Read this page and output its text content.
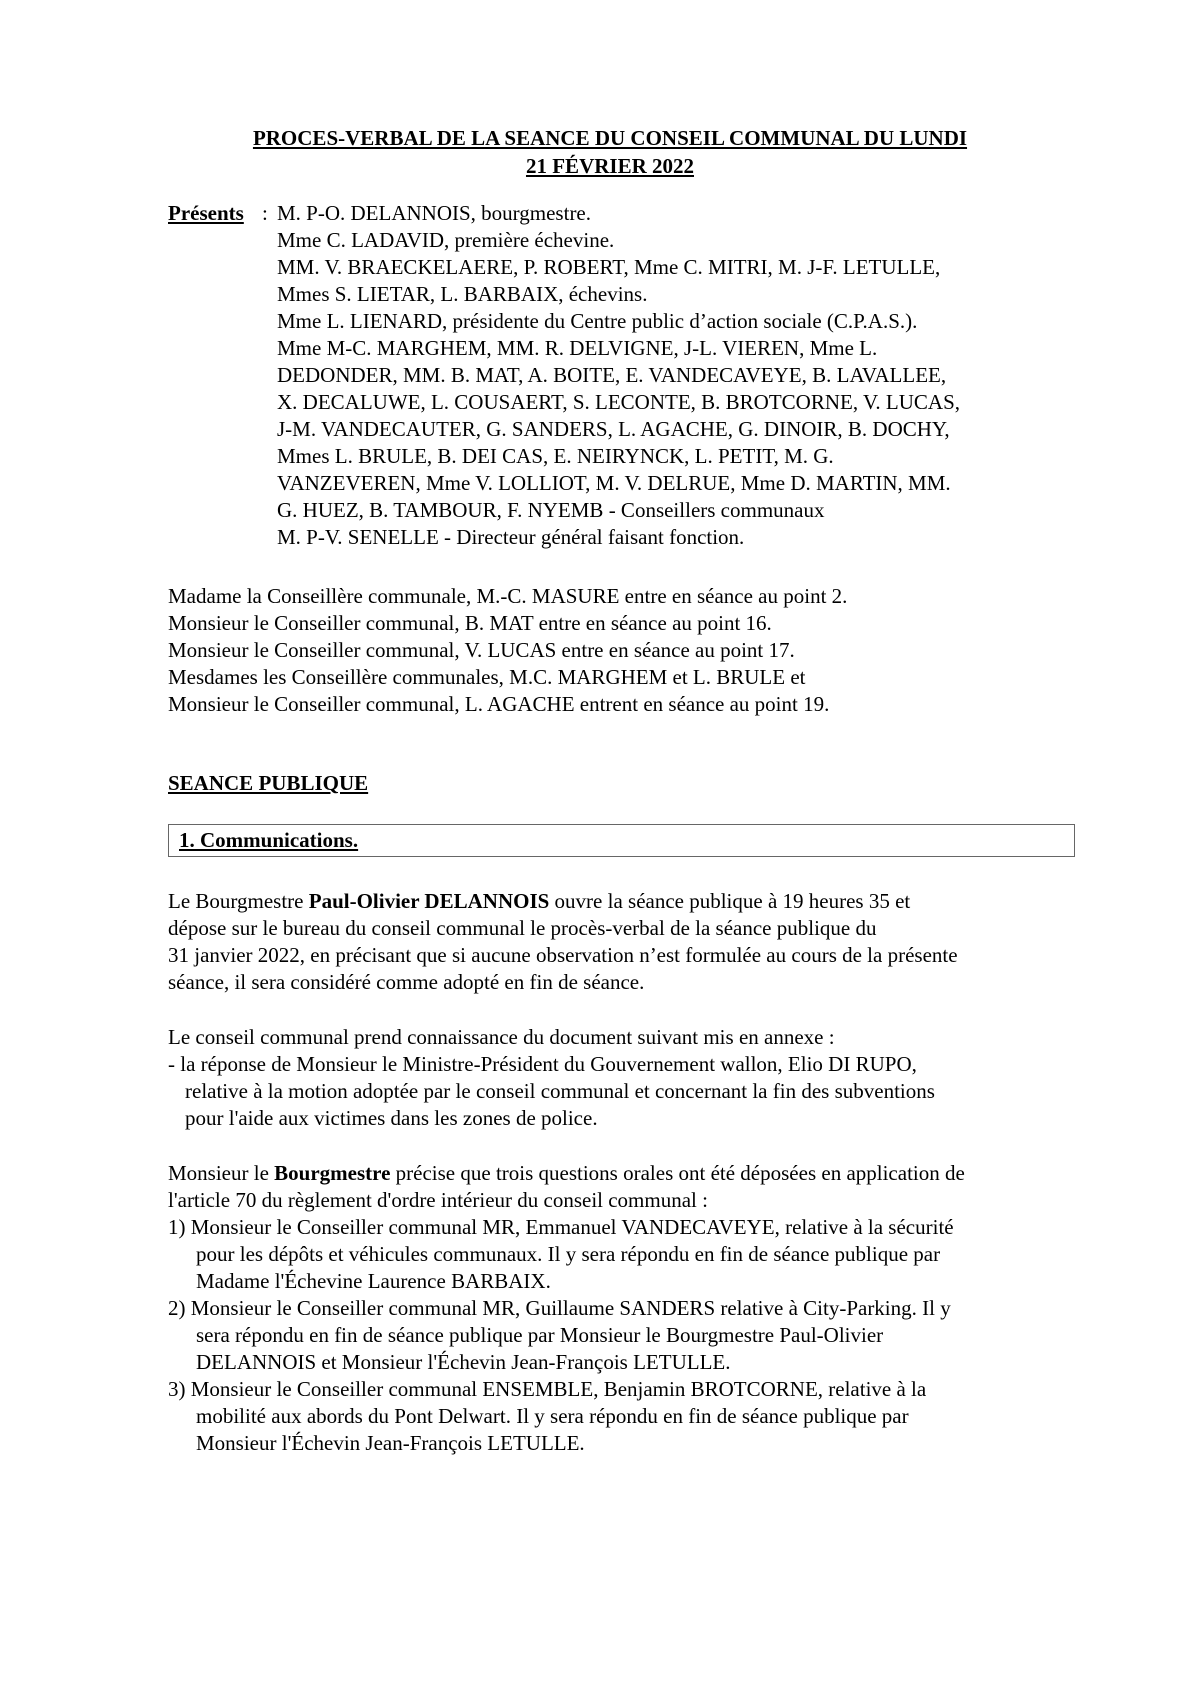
PROCES-VERBAL DE LA SEANCE DU CONSEIL COMMUNAL DU LUNDI
21 FÉVRIER 2022
Présents : M. P-O. DELANNOIS, bourgmestre.
Mme C. LADAVID, première échevine.
MM. V. BRAECKELAERE, P. ROBERT, Mme C. MITRI, M. J-F. LETULLE,
Mmes S. LIETAR, L. BARBAIX, échevins.
Mme L. LIENARD, présidente du Centre public d’action sociale (C.P.A.S.).
Mme M-C. MARGHEM, MM. R. DELVIGNE, J-L. VIEREN, Mme L.
DEDONDER, MM. B. MAT, A. BOITE, E. VANDECAVEYE, B. LAVALLEE,
X. DECALUWE, L. COUSAERT, S. LECONTE, B. BROTCORNE, V. LUCAS,
J-M. VANDECAUTER, G. SANDERS, L. AGACHE, G. DINOIR, B. DOCHY,
Mmes L. BRULE, B. DEI CAS, E. NEIRYNCK, L. PETIT, M. G.
VANZEVEREN, Mme V. LOLLIOT, M. V. DELRUE, Mme D. MARTIN, MM.
G. HUEZ, B. TAMBOUR, F. NYEMB - Conseillers communaux
M. P-V. SENELLE - Directeur général faisant fonction.
Madame la Conseillère communale, M.-C. MASURE entre en séance au point 2.
Monsieur le Conseiller communal, B. MAT entre en séance au point 16.
Monsieur le Conseiller communal, V. LUCAS entre en séance au point 17.
Mesdames les Conseillère communales, M.C. MARGHEM et L. BRULE et
Monsieur le Conseiller communal, L. AGACHE entrent en séance au point 19.
SEANCE PUBLIQUE
1. Communications.
Le Bourgmestre Paul-Olivier DELANNOIS ouvre la séance publique à 19 heures 35 et
dépose sur le bureau du conseil communal le procès-verbal de la séance publique du
31 janvier 2022, en précisant que si aucune observation n’est formulée au cours de la présente
séance, il sera considéré comme adopté en fin de séance.
Le conseil communal prend connaissance du document suivant mis en annexe :
- la réponse de Monsieur le Ministre-Président du Gouvernement wallon, Elio DI RUPO,
relative à la motion adoptée par le conseil communal et concernant la fin des subventions
pour l'aide aux victimes dans les zones de police.
Monsieur le Bourgmestre précise que trois questions orales ont été déposées en application de
l'article 70 du règlement d'ordre intérieur du conseil communal :
1) Monsieur le Conseiller communal MR, Emmanuel VANDECAVEYE, relative à la sécurité
pour les dépôts et véhicules communaux. Il y sera répondu en fin de séance publique par
Madame l'Échevine Laurence BARBAIX.
2) Monsieur le Conseiller communal MR, Guillaume SANDERS relative à City-Parking. Il y
sera répondu en fin de séance publique par Monsieur le Bourgmestre Paul-Olivier
DELANNOIS et Monsieur l'Échevin Jean-François LETULLE.
3) Monsieur le Conseiller communal ENSEMBLE, Benjamin BROTCORNE, relative à la
mobilité aux abords du Pont Delwart. Il y sera répondu en fin de séance publique par
Monsieur l'Échevin Jean-François LETULLE.
